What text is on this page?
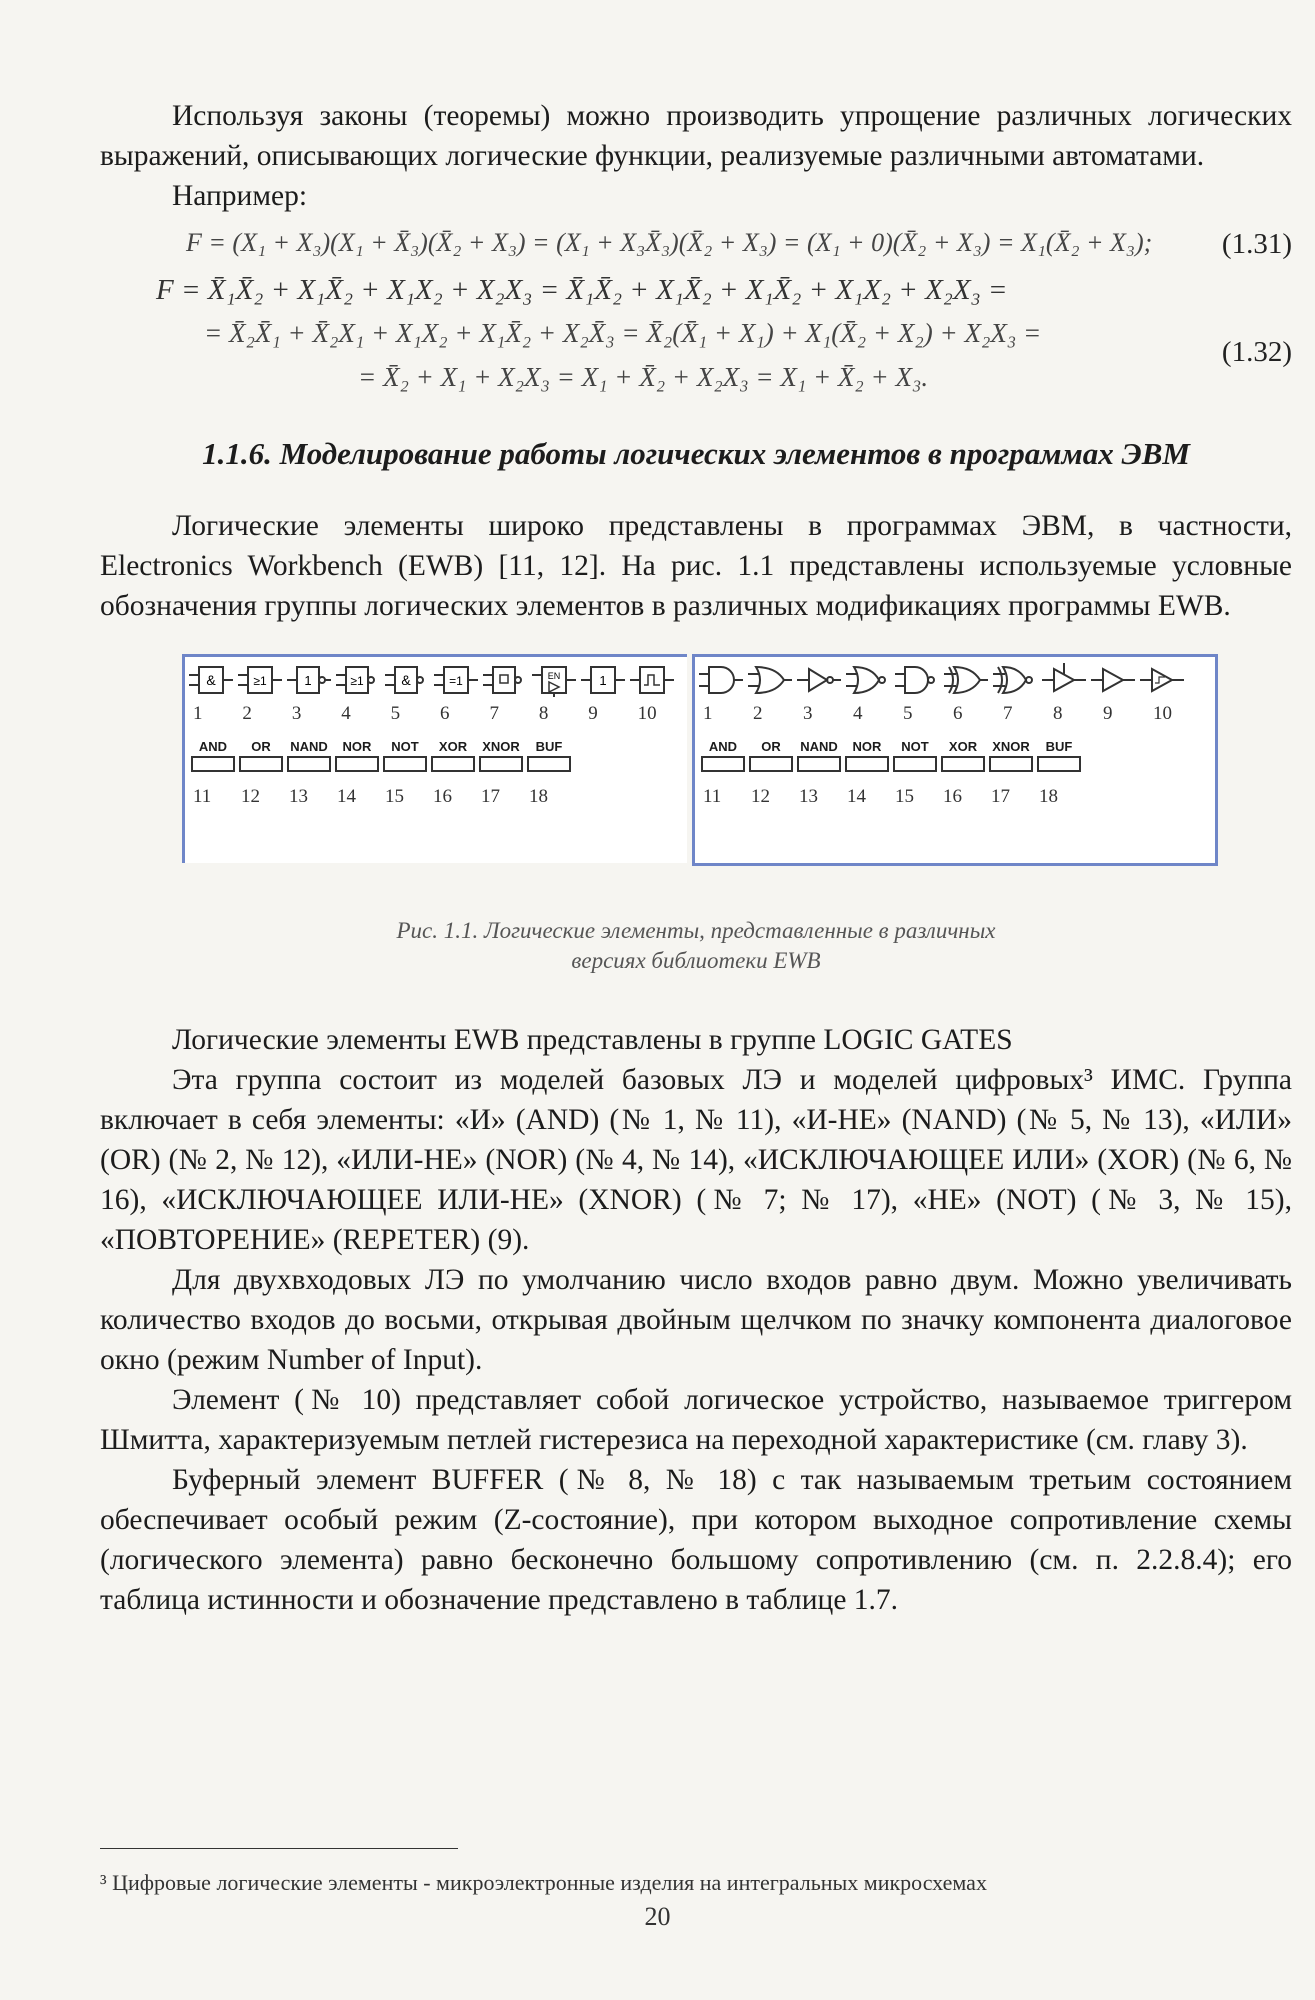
Используя законы (теоремы) можно производить упрощение различных логических выражений, описывающих логические функции, реализуемые различными автоматами.

Например:

F = (X₁ + X₃)(X₁ + X̄₃)(X̄₂ + X₃) = (X₁ + X₃X̄₃)(X̄₂ + X₃) = (X₁ + 0)(X̄₂ + X₃) = X₁(X̄₂ + X₃); (1.31)
F = X̄₁X̄₂ + X₁X̄₂ + X₁X₂ + X₂X₃ = X̄₁X̄₂ + X₁X̄₂ + X₁X̄₂ + X₁X₂ + X₂X₃ =
= X̄₂X̄₁ + X̄₂X₁ + X₁X₂ + X₁X̄₂ + X₂X̄₃ = X̄₂(X̄₁ + X₁) + X₁(X̄₂ + X₂) + X₂X₃ =
(1.32)
= X̄₂ + X₁ + X₂X₃ = X₁ + X̄₂ + X₂X₃ = X₁ + X̄₂ + X₃.
1.1.6. Моделирование работы логических элементов в программах ЭВМ

Логические элементы широко представлены в программах ЭВМ, в частности, Electronics Workbench (EWB) [11, 12]. На рис. 1.1 представлены используемые условные обозначения группы логических элементов в различных модификациях программы EWB.

&	≥1	1	≥1	&	=1	EN	1
1	2	3	4	5	6	7	8	9	10
AND	OR	NAND	NOR	NOT	XOR	XNOR	BUF
11	12	13	14	15	16	17	18
1	2	3	4	5	6	7	8	9	10
AND	OR	NAND	NOR	NOT	XOR	XNOR	BUF
11	12	13	14	15	16	17	18
Рис. 1.1. Логические элементы, представленные в различных
версиях библиотеки EWB

Логические элементы EWB представлены в группе LOGIC GATES

Эта группа состоит из моделей базовых ЛЭ и моделей цифровых³ ИМС. Группа включает в себя элементы: «И» (AND) (№ 1, № 11), «И-НЕ» (NAND) (№ 5, № 13), «ИЛИ» (OR) (№ 2, № 12), «ИЛИ-НЕ» (NOR) (№ 4, № 14), «ИСКЛЮЧАЮЩЕЕ ИЛИ» (XOR) (№ 6, № 16), «ИСКЛЮЧАЮЩЕЕ ИЛИ-НЕ» (XNOR) (№ 7; № 17), «НЕ» (NOT) (№ 3, № 15), «ПОВТОРЕНИЕ» (REPETER) (9).

Для двухвходовых ЛЭ по умолчанию число входов равно двум. Можно увеличивать количество входов до восьми, открывая двойным щелчком по значку компонента диалоговое окно (режим Number of Input).

Элемент (№ 10) представляет собой логическое устройство, называемое триггером Шмитта, характеризуемым петлей гистерезиса на переходной характеристике (см. главу 3).

Буферный элемент BUFFER (№ 8, № 18) с так называемым третьим состоянием обеспечивает особый режим (Z-состояние), при котором выходное сопротивление схемы (логического элемента) равно бесконечно большому сопротивлению (см. п. 2.2.8.4); его таблица истинности и обозначение представлено в таблице 1.7.

³ Цифровые логические элементы - микроэлектронные изделия на интегральных микросхемах
20
